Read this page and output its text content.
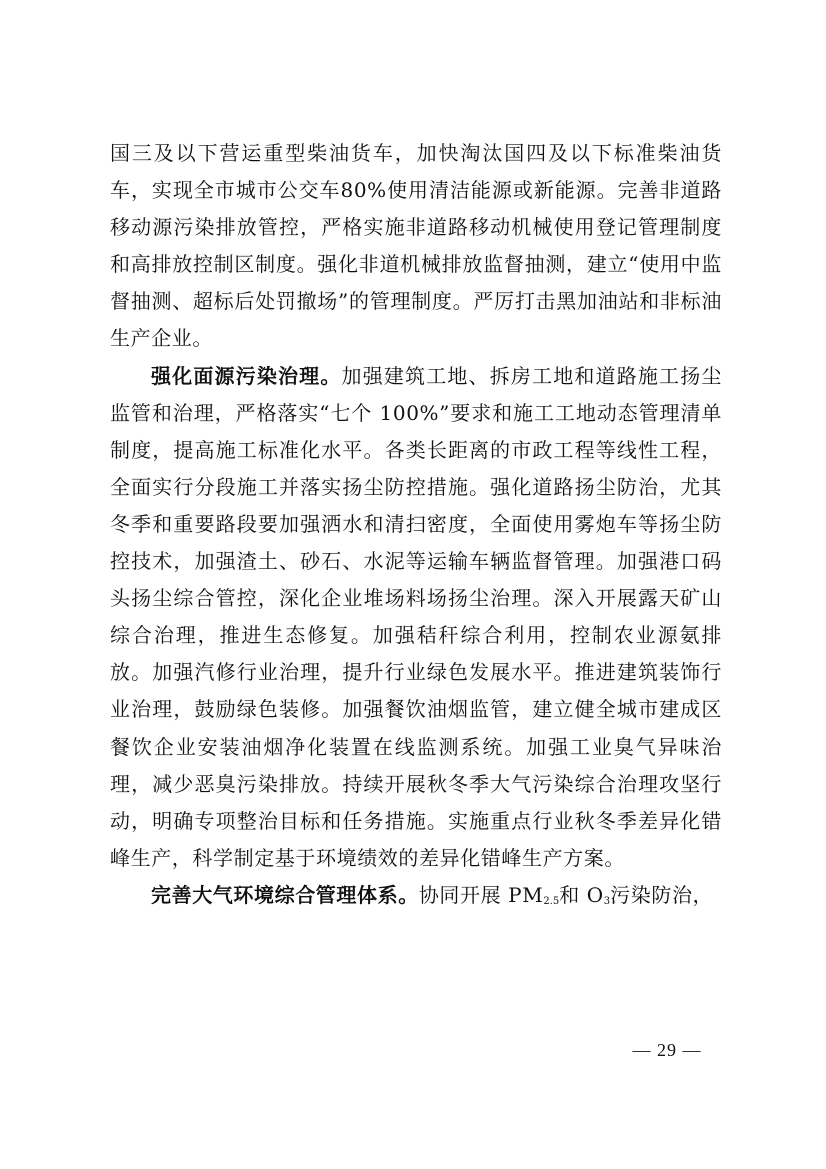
国三及以下营运重型柴油货车，加快淘汰国四及以下标准柴油货车，实现全市城市公交车80%使用清洁能源或新能源。完善非道路移动源污染排放管控，严格实施非道路移动机械使用登记管理制度和高排放控制区制度。强化非道机械排放监督抽测，建立“使用中监督抽测、超标后处罚撤场”的管理制度。严厉打击黑加油站和非标油生产企业。

强化面源污染治理。加强建筑工地、拆房工地和道路施工扬尘监管和治理，严格落实“七个 100%”要求和施工工地动态管理清单制度，提高施工标准化水平。各类长距离的市政工程等线性工程，全面实行分段施工并落实扬尘防控措施。强化道路扬尘防治，尤其冬季和重要路段要加强洒水和清扫密度，全面使用雾炮车等扬尘防控技术，加强渣土、砂石、水泥等运输车辆监督管理。加强港口码头扬尘综合管控，深化企业堆场料场扬尘治理。深入开展露天矿山综合治理，推进生态修复。加强秸秆综合利用，控制农业源氨排放。加强汽修行业治理，提升行业绿色发展水平。推进建筑装饰行业治理，鼓励绿色装修。加强餐饮油烟监管，建立健全城市建成区餐饮企业安装油烟净化装置在线监测系统。加强工业臭气异味治理，减少恶臭污染排放。持续开展秋冬季大气污染综合治理攻坚行动，明确专项整治目标和任务措施。实施重点行业秋冬季差异化错峰生产，科学制定基于环境绩效的差异化错峰生产方案。

完善大气环境综合管理体系。协同开展 $PM_{2.5}$和 $O_3$污染防治，

— 29 —
